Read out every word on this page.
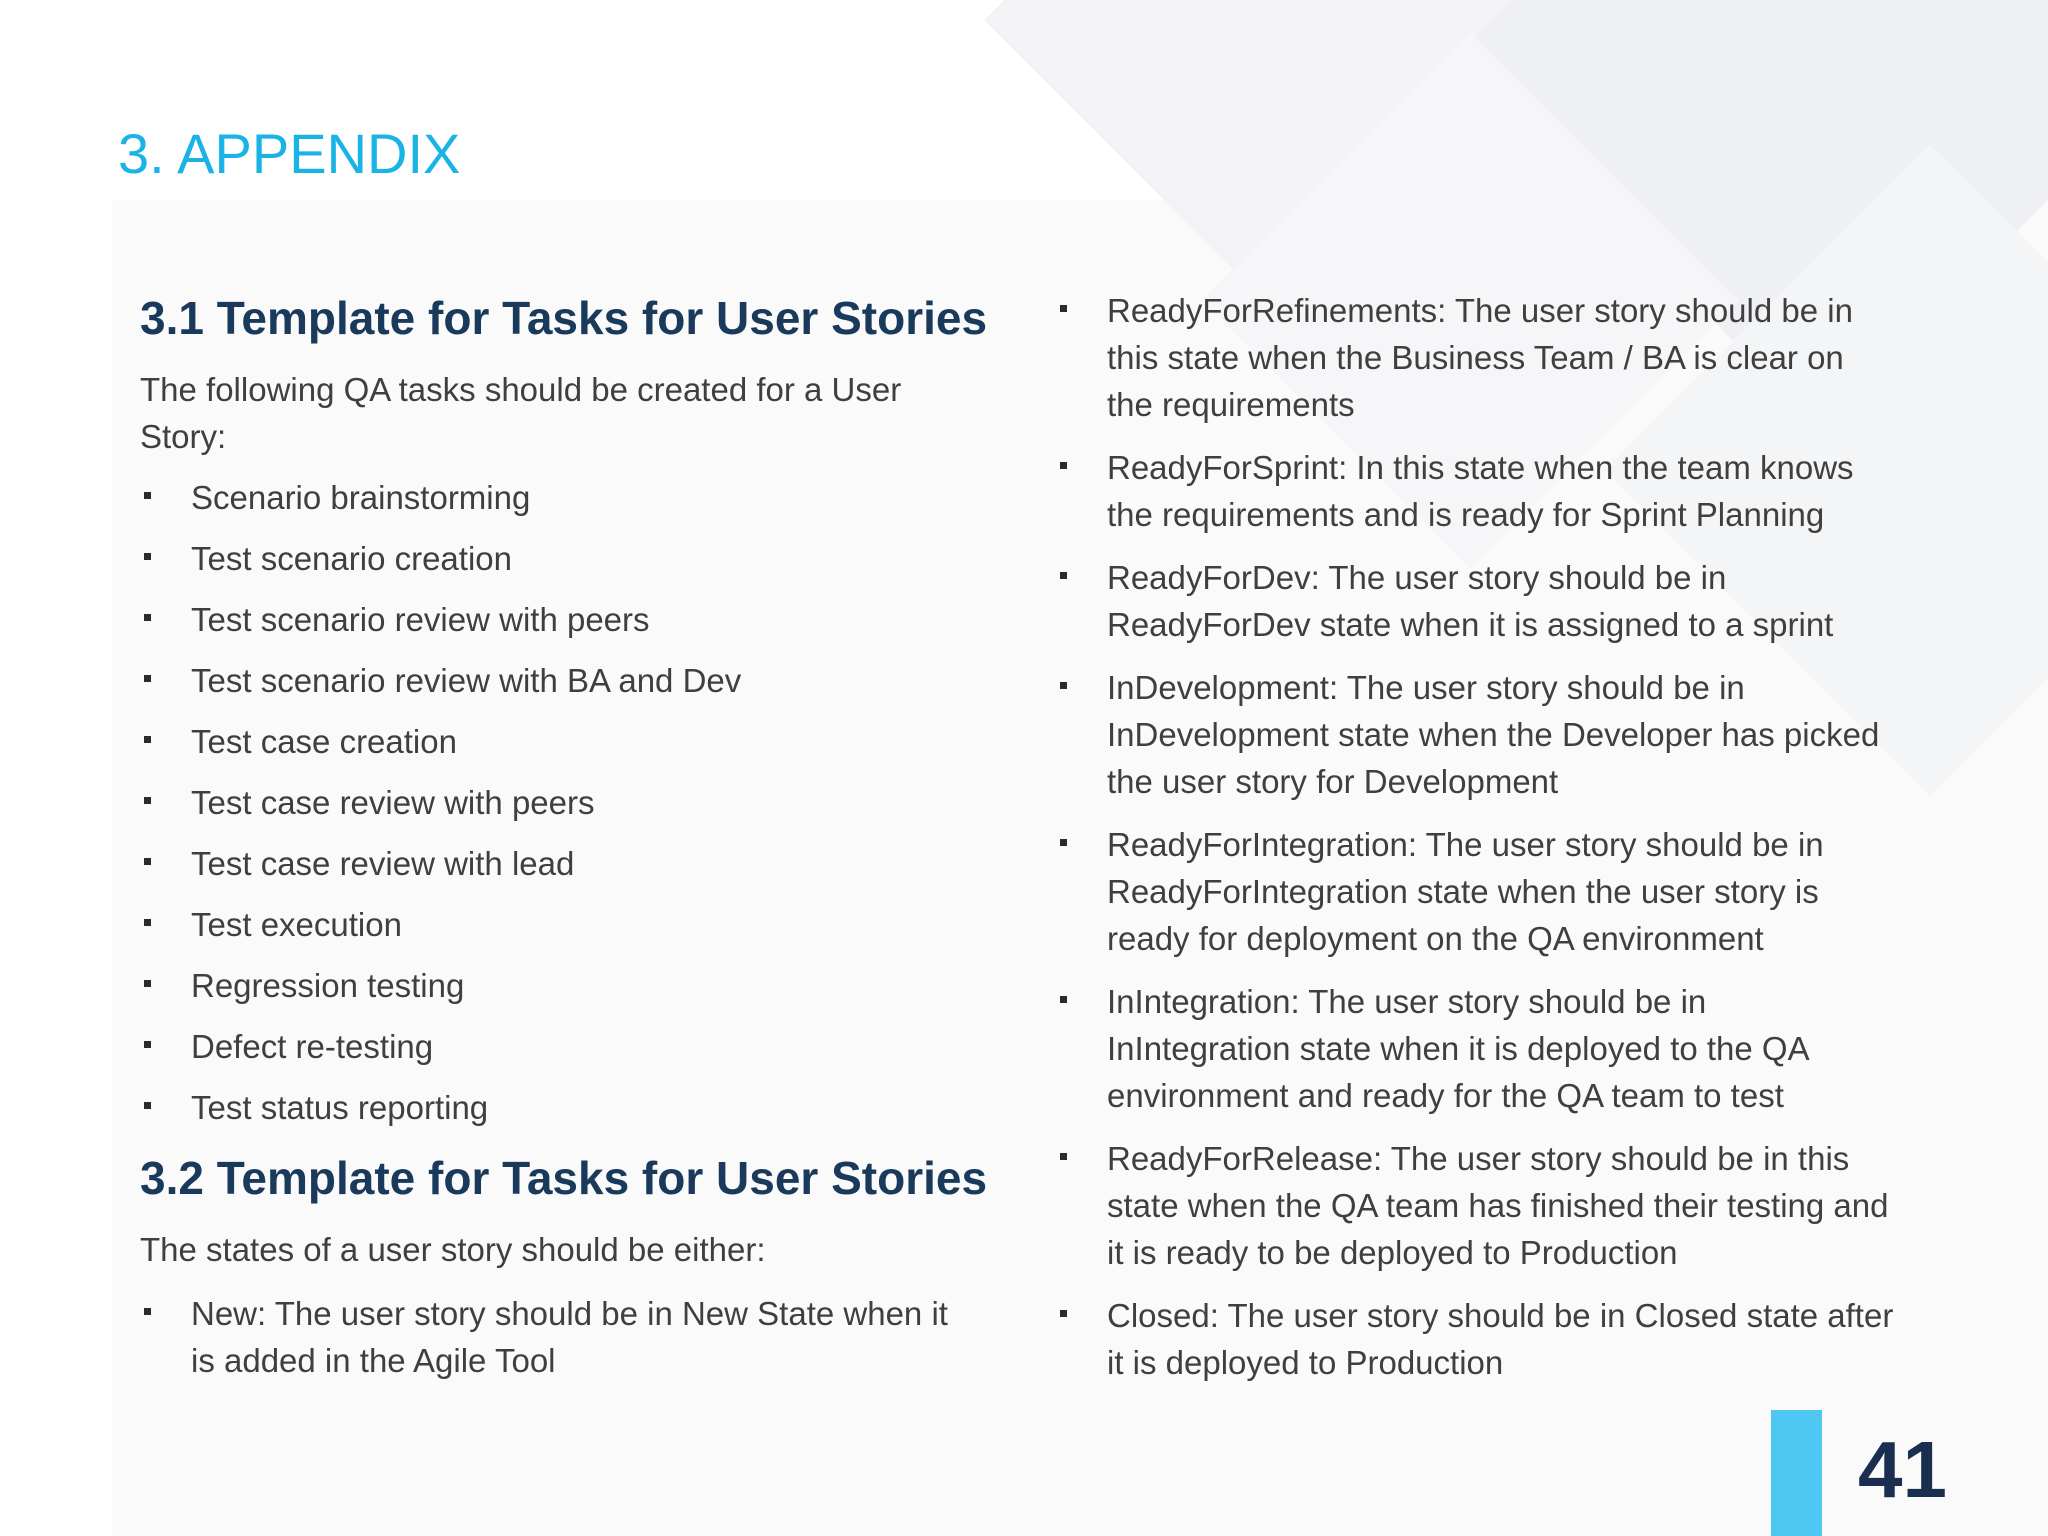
3. APPENDIX
3.1 Template for Tasks for User Stories

The following QA tasks should be created for a User Story:

Scenario brainstorming
Test scenario creation
Test scenario review with peers
Test scenario review with BA and Dev
Test case creation
Test case review with peers
Test case review with lead
Test execution
Regression testing
Defect re-testing
Test status reporting
3.2 Template for Tasks for User Stories

The states of a user story should be either:

New: The user story should be in New State when it is added in the Agile Tool
ReadyForRefinements: The user story should be in this state when the Business Team / BA is clear on the requirements
ReadyForSprint: In this state when the team knows the requirements and is ready for Sprint Planning
ReadyForDev: The user story should be in ReadyForDev state when it is assigned to a sprint
InDevelopment: The user story should be in InDevelopment state when the Developer has picked the user story for Development
ReadyForIntegration: The user story should be in ReadyForIntegration state when the user story is ready for deployment on the QA environment
InIntegration: The user story should be in InIntegration state when it is deployed to the QA environment and ready for the QA team to test
ReadyForRelease: The user story should be in this state when the QA team has finished their testing and it is ready to be deployed to Production
Closed: The user story should be in Closed state after it is deployed to Production
41
